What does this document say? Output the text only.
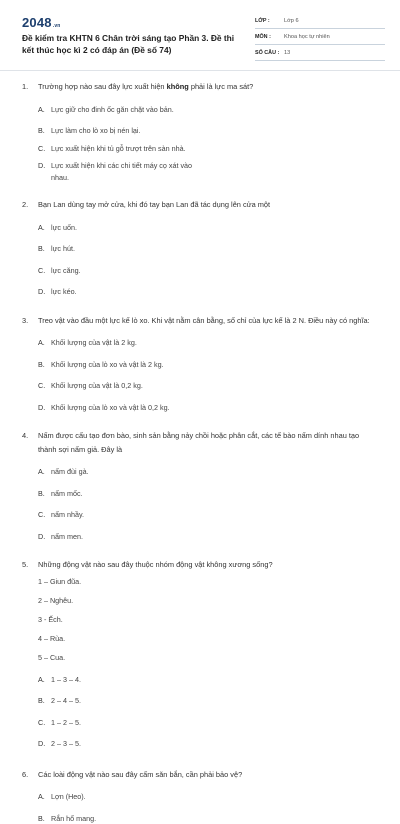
2048.vn
Đề kiểm tra KHTN 6 Chân trời sáng tạo Phần 3. Đề thi kết thúc học kì 2 có đáp án (Đề số 74)
LỚP :	Lớp 6
MÔN :	Khoa học tự nhiên
SỐ CÂU : 13
1. Trường hợp nào sau đây lực xuất hiện không phải là lực ma sát?
A. Lực giữ cho đinh ốc găn chặt vào bản.
B. Lực làm cho lò xo bị nén lại.
C. Lực xuất hiện khi tủ gỗ trượt trên sàn nhà.
D. Lực xuất hiện khi các chi tiết máy cọ xát vào nhau.
2. Bạn Lan dùng tay mở cửa, khi đó tay bạn Lan đã tác dụng lên cửa một
A. lực uốn.
B. lực hút.
C. lực căng.
D. lực kéo.
3. Treo vật vào đầu một lực kế lò xo. Khi vật nằm cân bằng, số chỉ của lực kế là 2 N. Điều này có nghĩa:
A. Khối lượng của vật là 2 kg.
B. Khối lượng của lò xo và vật là 2 kg.
C. Khối lượng của vật là 0,2 kg.
D. Khối lượng của lò xo và vật là 0,2 kg.
4. Nấm được cấu tạo đơn bào, sinh sản bằng nảy chồi hoặc phân cắt, các tế bào nấm dính nhau tạo thành sợi nấm giả. Đây là
A. nấm đùi gà.
B. nấm mốc.
C. nấm nhầy.
D. nấm men.
5. Những động vật nào sau đây thuộc nhóm động vật không xương sống?
1 – Giun đũa.
2 – Nghêu.
3 - Ếch.
4 – Rùa.
5 – Cua.
A. 1 – 3 – 4.
B. 2 – 4 – 5.
C. 1 – 2 – 5.
D. 2 – 3 – 5.
6. Các loài động vật nào sau đây cấm săn bắn, cần phải bảo vệ?
A. Lợn (Heo).
B. Rắn hổ mang.
